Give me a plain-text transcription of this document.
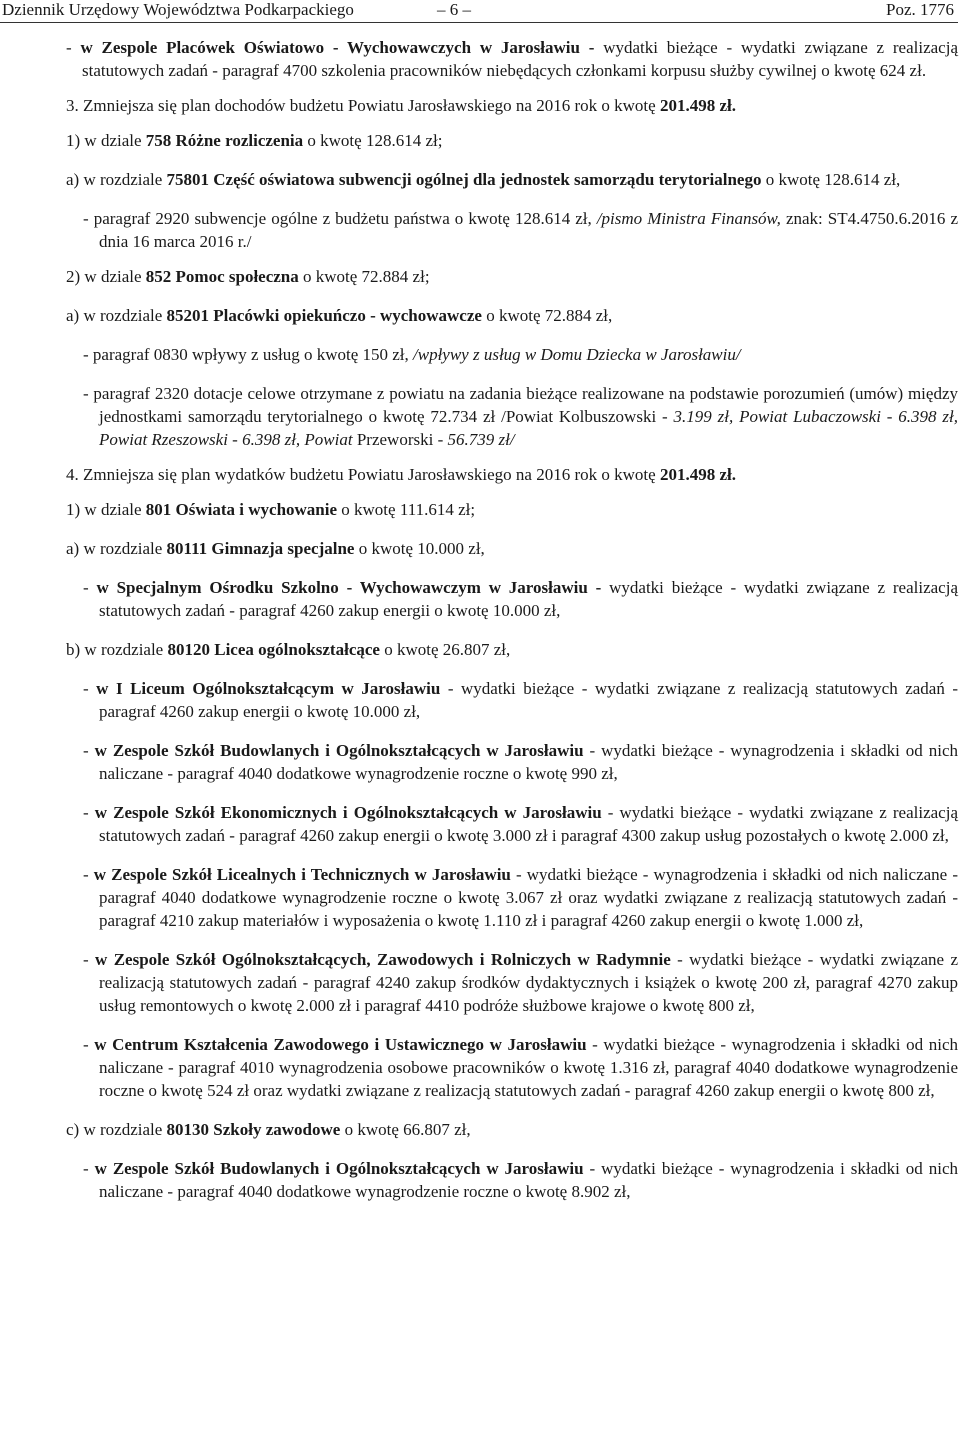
Dziennik Urzędowy Województwa Podkarpackiego	– 6 –	Poz. 1776

- w Zespole Placówek Oświatowo - Wychowawczych w Jarosławiu - wydatki bieżące - wydatki związane z realizacją statutowych zadań - paragraf 4700 szkolenia pracowników niebędących członkami korpusu służby cywilnej o kwotę 624 zł.

3. Zmniejsza się plan dochodów budżetu Powiatu Jarosławskiego na 2016 rok o kwotę 201.498 zł.

1) w dziale 758 Różne rozliczenia o kwotę 128.614 zł;

a) w rozdziale 75801 Część oświatowa subwencji ogólnej dla jednostek samorządu terytorialnego o kwotę 128.614 zł,

- paragraf 2920 subwencje ogólne z budżetu państwa o kwotę 128.614 zł, /pismo Ministra Finansów, znak: ST4.4750.6.2016 z dnia 16 marca 2016 r./

2) w dziale 852 Pomoc społeczna o kwotę 72.884 zł;

a) w rozdziale 85201 Placówki opiekuńczo - wychowawcze o kwotę 72.884 zł,

- paragraf 0830 wpływy z usług o kwotę 150 zł, /wpływy z usług w Domu Dziecka w Jarosławiu/

- paragraf 2320 dotacje celowe otrzymane z powiatu na zadania bieżące realizowane na podstawie porozumień (umów) między jednostkami samorządu terytorialnego o kwotę 72.734 zł /Powiat Kolbuszowski - 3.199 zł, Powiat Lubaczowski - 6.398 zł, Powiat Rzeszowski - 6.398 zł, Powiat Przeworski - 56.739 zł/

4. Zmniejsza się plan wydatków budżetu Powiatu Jarosławskiego na 2016 rok o kwotę 201.498 zł.

1) w dziale 801 Oświata i wychowanie o kwotę 111.614 zł;

a) w rozdziale 80111 Gimnazja specjalne o kwotę 10.000 zł,

- w Specjalnym Ośrodku Szkolno - Wychowawczym w Jarosławiu - wydatki bieżące - wydatki związane z realizacją statutowych zadań - paragraf 4260 zakup energii o kwotę 10.000 zł,

b) w rozdziale 80120 Licea ogólnokształcące o kwotę 26.807 zł,

- w I Liceum Ogólnokształcącym w Jarosławiu - wydatki bieżące - wydatki związane z realizacją statutowych zadań - paragraf 4260 zakup energii o kwotę 10.000 zł,

- w Zespole Szkół Budowlanych i Ogólnokształcących w Jarosławiu - wydatki bieżące - wynagrodzenia i składki od nich naliczane - paragraf 4040 dodatkowe wynagrodzenie roczne o kwotę 990 zł,

- w Zespole Szkół Ekonomicznych i Ogólnokształcących w Jarosławiu - wydatki bieżące - wydatki związane z realizacją statutowych zadań - paragraf 4260 zakup energii o kwotę 3.000 zł i paragraf 4300 zakup usług pozostałych o kwotę 2.000 zł,

- w Zespole Szkół Licealnych i Technicznych w Jarosławiu - wydatki bieżące - wynagrodzenia i składki od nich naliczane - paragraf 4040 dodatkowe wynagrodzenie roczne o kwotę 3.067 zł oraz wydatki związane z realizacją statutowych zadań - paragraf 4210 zakup materiałów i wyposażenia o kwotę 1.110 zł i paragraf 4260 zakup energii o kwotę 1.000 zł,

- w Zespole Szkół Ogólnokształcących, Zawodowych i Rolniczych w Radymnie - wydatki bieżące - wydatki związane z realizacją statutowych zadań - paragraf 4240 zakup środków dydaktycznych i książek o kwotę 200 zł, paragraf 4270 zakup usług remontowych o kwotę 2.000 zł i paragraf 4410 podróże służbowe krajowe o kwotę 800 zł,

- w Centrum Kształcenia Zawodowego i Ustawicznego w Jarosławiu - wydatki bieżące - wynagrodzenia i składki od nich naliczane - paragraf 4010 wynagrodzenia osobowe pracowników o kwotę 1.316 zł, paragraf 4040 dodatkowe wynagrodzenie roczne o kwotę 524 zł oraz wydatki związane z realizacją statutowych zadań - paragraf 4260 zakup energii o kwotę 800 zł,

c) w rozdziale 80130 Szkoły zawodowe o kwotę 66.807 zł,

- w Zespole Szkół Budowlanych i Ogólnokształcących w Jarosławiu - wydatki bieżące - wynagrodzenia i składki od nich naliczane - paragraf 4040 dodatkowe wynagrodzenie roczne o kwotę 8.902 zł,
